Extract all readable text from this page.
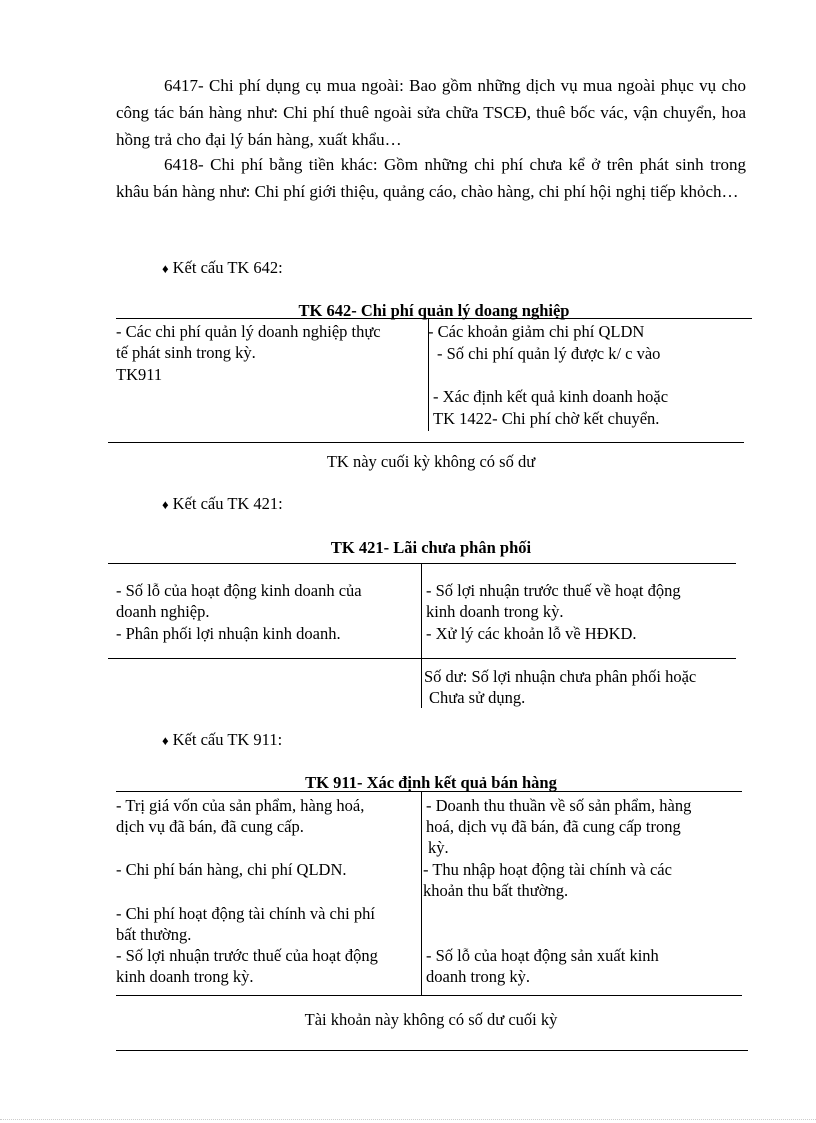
6417- Chi phí dụng cụ mua ngoài: Bao gồm những dịch vụ mua ngoài phục vụ cho công tác bán hàng như: Chi phí thuê ngoài sửa chữa TSCĐ, thuê bốc vác, vận chuyển, hoa hồng trả cho đại lý bán hàng, xuất khẩu…

6418- Chi phí bằng tiền khác: Gồm những chi phí chưa kể ở trên phát sinh trong khâu bán hàng như: Chi phí giới thiệu, quảng cáo, chào hàng, chi phí hội nghị tiếp khỏch…

♦ Kết cấu TK 642:
TK 642- Chi phí quản lý doang nghiệp
- Các chi phí quản lý doanh nghiệp thực
tế phát sinh trong kỳ.
TK911
- Các khoản giảm chi phí QLDN
- Số chi phí quản lý được k/ c vào
- Xác định kết quả kinh doanh hoặc
TK 1422- Chi phí chờ kết chuyển.
TK này cuối kỳ không có số dư
♦ Kết cấu TK 421:
TK 421- Lãi chưa phân phối
- Số lỗ của hoạt động kinh doanh của
doanh nghiệp.
- Phân phối lợi nhuận kinh doanh.
- Số lợi nhuận trước thuế về hoạt động
kinh doanh trong kỳ.
- Xử lý các khoản lỗ về HĐKD.
Số dư: Số lợi nhuận chưa phân phối hoặc
Chưa sử dụng.
♦ Kết cấu TK 911:
TK 911- Xác định kết quả bán hàng
- Trị giá vốn của sản phẩm, hàng hoá,
dịch vụ đã bán, đã cung cấp.
- Chi phí bán hàng, chi phí QLDN.
- Chi phí hoạt động tài chính và chi phí
bất thường.
- Số lợi nhuận trước thuế của hoạt động
kinh doanh trong kỳ.
- Doanh thu thuần về số sản phẩm, hàng
hoá, dịch vụ đã bán, đã cung cấp trong
kỳ.
- Thu nhập hoạt động tài chính và các
khoản thu bất thường.
- Số lỗ của hoạt động sản xuất kinh
doanh trong kỳ.
Tài khoản này không có số dư cuối kỳ
